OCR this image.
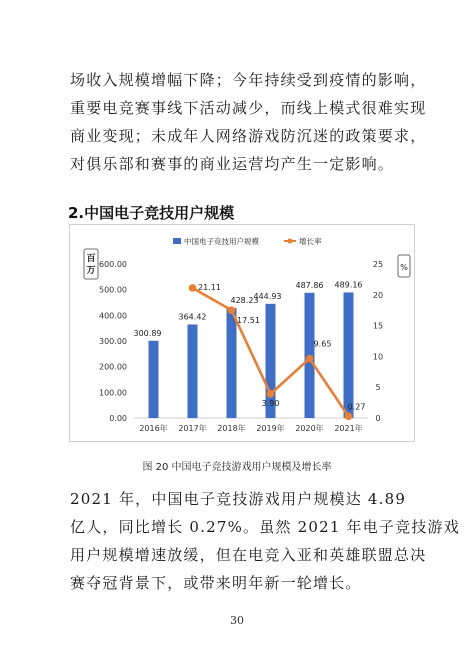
场收入规模增幅下降；今年持续受到疫情的影响，
重要电竞赛事线下活动减少，而线上模式很难实现
商业变现；未成年人网络游戏防沉迷的政策要求，
对俱乐部和赛事的商业运营均产生一定影响。
2.中国电子竞技用户规模
0.00
100.00
200.00
300.00
400.00
500.00
600.00
0
5
10
15
20
25
百
万	%
2016年 2017年 2018年 2019年 2020年 2021年
300.89
364.42
428.23
444.93
487.86 489.16
21.11
17.51
3.90
9.65
0.27
中国电子竞技用户规模	增长率
图 20 中国电子竞技游戏用户规模及增长率
2021 年，中国电子竞技游戏用户规模达 4.89
亿人，同比增长 0.27%。虽然 2021 年电子竞技游戏
用户规模增速放缓，但在电竞入亚和英雄联盟总决
赛夺冠背景下，或带来明年新一轮增长。
30
